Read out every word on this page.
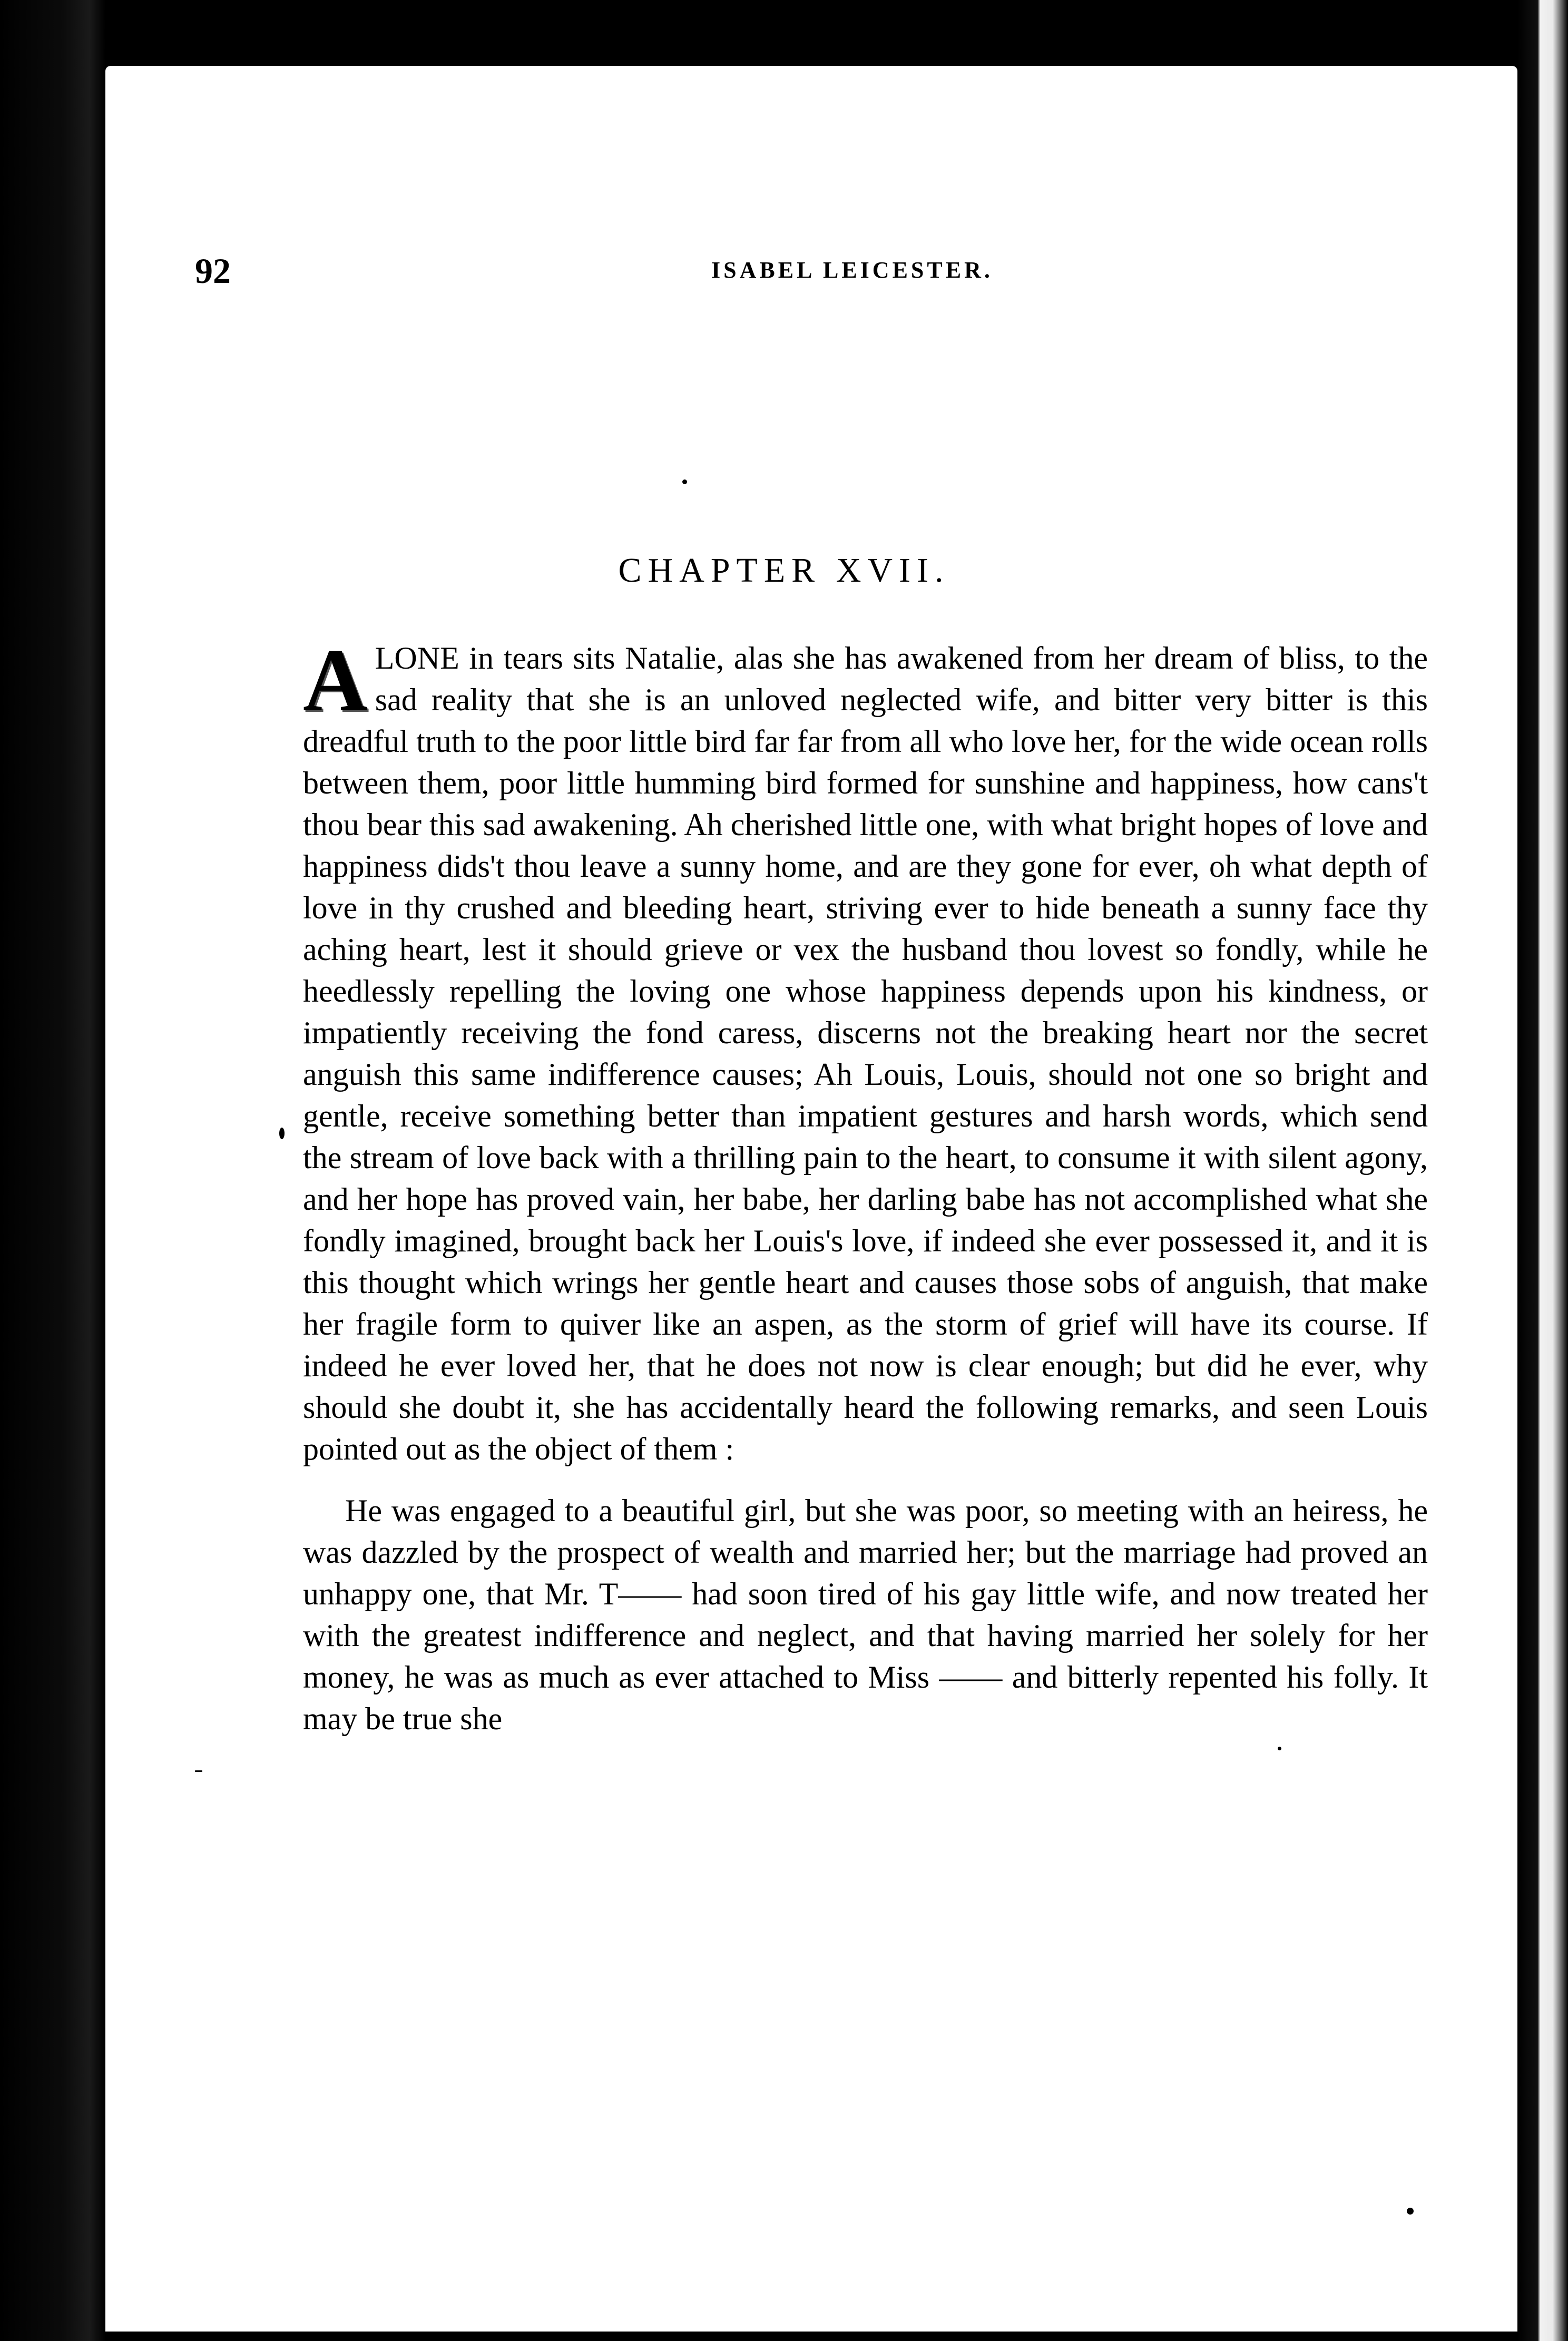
92	ISABEL LEICESTER.
CHAPTER XVII.

ALONE in tears sits Natalie, alas she has awakened from her dream of bliss, to the sad reality that she is an unloved neglected wife, and bitter very bitter is this dreadful truth to the poor little bird far far from all who love her, for the wide ocean rolls between them, poor little humming bird formed for sunshine and happiness, how cans't thou bear this sad awakening. Ah cherished little one, with what bright hopes of love and happiness dids't thou leave a sunny home, and are they gone for ever, oh what depth of love in thy crushed and bleeding heart, striving ever to hide beneath a sunny face thy aching heart, lest it should grieve or vex the husband thou lovest so fondly, while he heedlessly repelling the loving one whose happiness depends upon his kindness, or impatiently receiving the fond caress, discerns not the breaking heart nor the secret anguish this same indifference causes; Ah Louis, Louis, should not one so bright and gentle, receive something better than impatient gestures and harsh words, which send the stream of love back with a thrilling pain to the heart, to consume it with silent agony, and her hope has proved vain, her babe, her darling babe has not accomplished what she fondly imagined, brought back her Louis's love, if indeed she ever possessed it, and it is this thought which wrings her gentle heart and causes those sobs of anguish, that make her fragile form to quiver like an aspen, as the storm of grief will have its course. If indeed he ever loved her, that he does not now is clear enough; but did he ever, why should she doubt it, she has accidentally heard the following remarks, and seen Louis pointed out as the object of them :

He was engaged to a beautiful girl, but she was poor, so meeting with an heiress, he was dazzled by the prospect of wealth and married her; but the marriage had proved an unhappy one, that Mr. T—— had soon tired of his gay little wife, and now treated her with the greatest indifference and neglect, and that having married her solely for her money, he was as much as ever attached to Miss —— and bitterly repented his folly. It may be true she
